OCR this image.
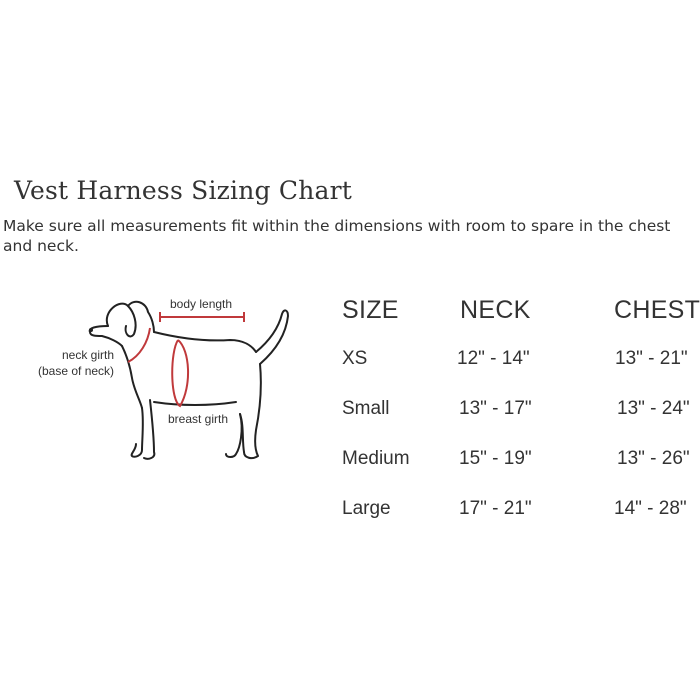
Vest Harness Sizing Chart
Make sure all measurements fit within the dimensions with room to spare in the chest and neck.
body length
neck girth
(base of neck)
breast girth
SIZE NECK	CHEST
XS	12" - 14"	13" - 21"
Small	13" - 17"	13" - 24"
Medium	15" - 19"	13" - 26"
Large	17" - 21"	14" - 28"
